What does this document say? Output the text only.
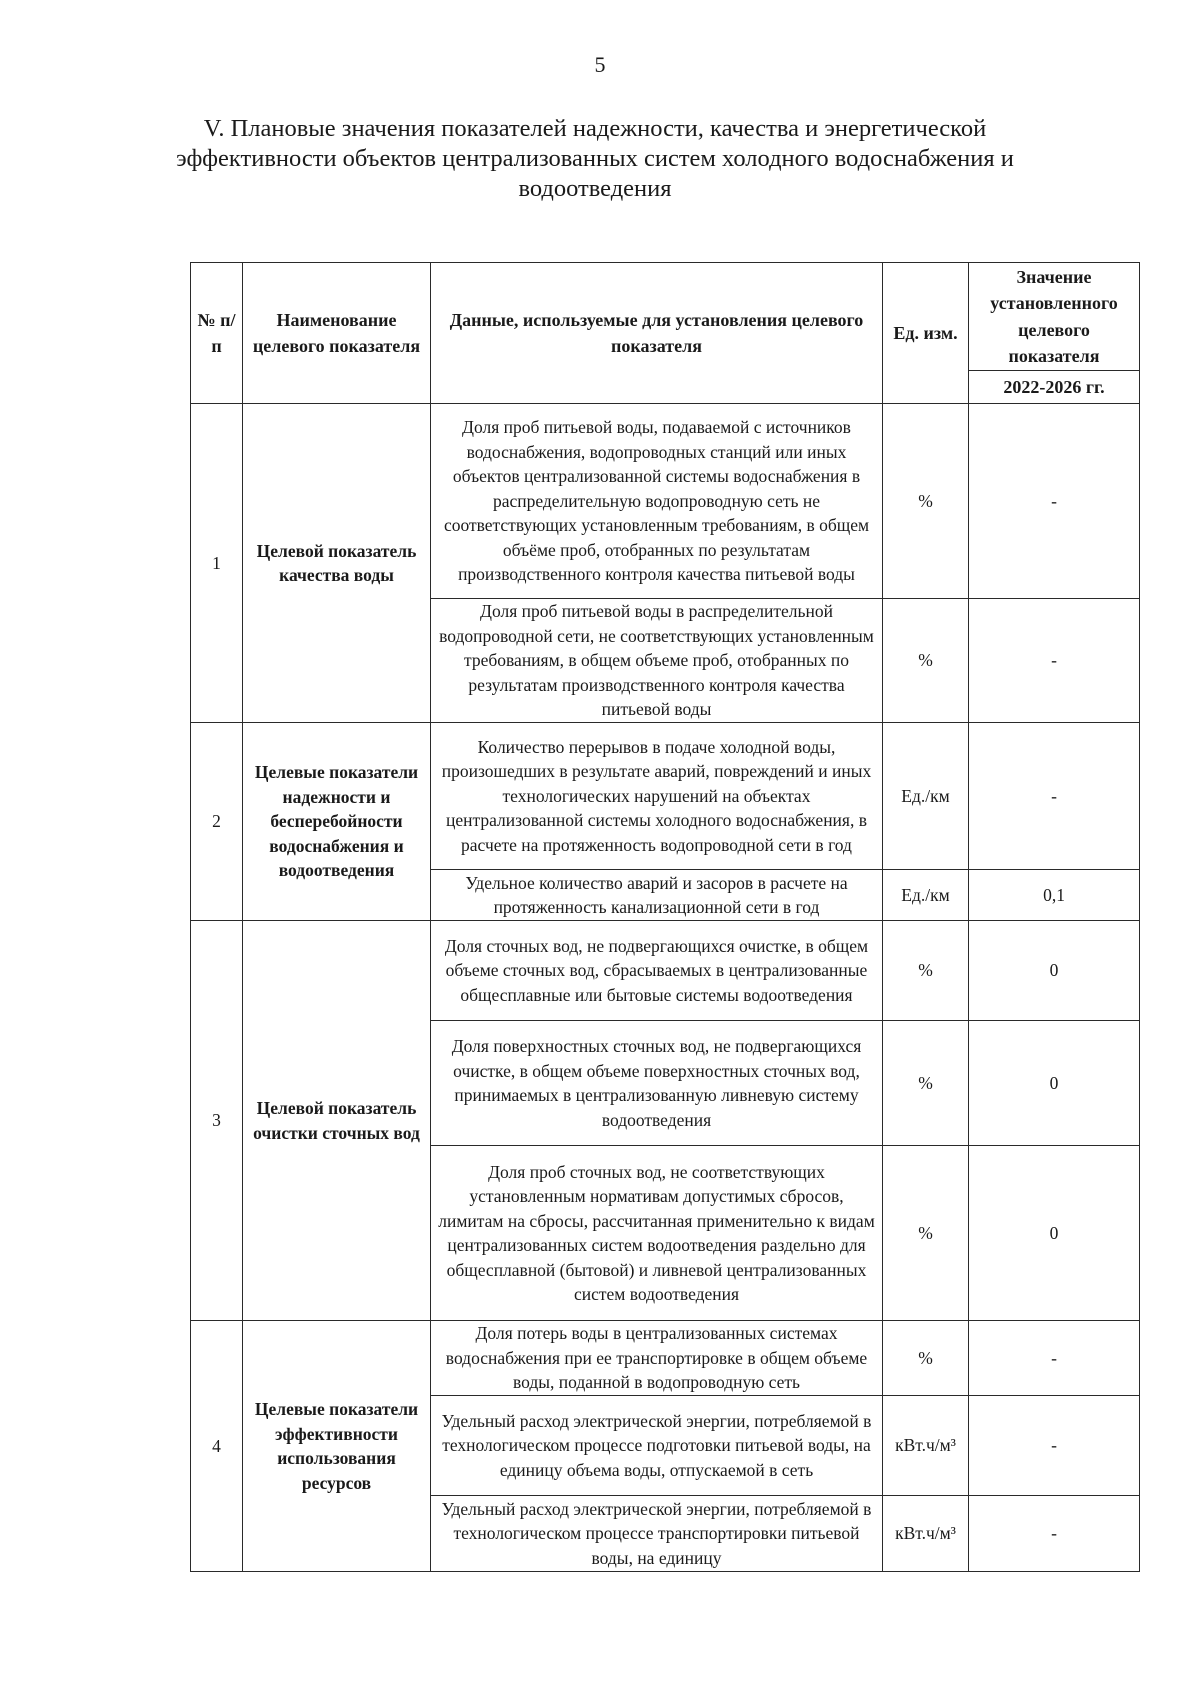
5
V. Плановые значения показателей надежности, качества и энергетической эффективности объектов централизованных систем холодного водоснабжения и водоотведения
№ п/п	Наименование целевого показателя	Данные, используемые для установления целевого показателя	Ед. изм.	Значение установленного целевого показателя
				2022-2026 гг.
1	Целевой показатель качества воды	Доля проб питьевой воды, подаваемой с источников водоснабжения, водопроводных станций или иных объектов централизованной системы водоснабжения в распределительную водопроводную сеть не соответствующих установленным требованиям, в общем объёме проб, отобранных по результатам производственного контроля качества питьевой воды	%	-
		Доля проб питьевой воды в распределительной водопроводной сети, не соответствующих установленным требованиям, в общем объеме проб, отобранных по результатам производственного контроля качества питьевой воды	%	-
2	Целевые показатели надежности и бесперебойности водоснабжения и водоотведения	Количество перерывов в подаче холодной воды, произошедших в результате аварий, повреждений и иных технологических нарушений на объектах централизованной системы холодного водоснабжения, в расчете на протяженность водопроводной сети в год	Ед./км	-
		Удельное количество аварий и засоров в расчете на протяженность канализационной сети в год	Ед./км	0,1
3	Целевой показатель очистки сточных вод	Доля сточных вод, не подвергающихся очистке, в общем объеме сточных вод, сбрасываемых в централизованные общесплавные или бытовые системы водоотведения	%	0
		Доля поверхностных сточных вод, не подвергающихся очистке, в общем объеме поверхностных сточных вод, принимаемых в централизованную ливневую систему водоотведения	%	0
		Доля проб сточных вод, не соответствующих установленным нормативам допустимых сбросов, лимитам на сбросы, рассчитанная применительно к видам централизованных систем водоотведения раздельно для общесплавной (бытовой) и ливневой централизованных систем водоотведения	%	0
4	Целевые показатели эффективности использования ресурсов	Доля потерь воды в централизованных системах водоснабжения при ее транспортировке в общем объеме воды, поданной в водопроводную сеть	%	-
		Удельный расход электрической энергии, потребляемой в технологическом процессе подготовки питьевой воды, на единицу объема воды, отпускаемой в сеть	кВт.ч/м³	-
		Удельный расход электрической энергии, потребляемой в технологическом процессе транспортировки питьевой воды, на единицу	кВт.ч/м³	-
